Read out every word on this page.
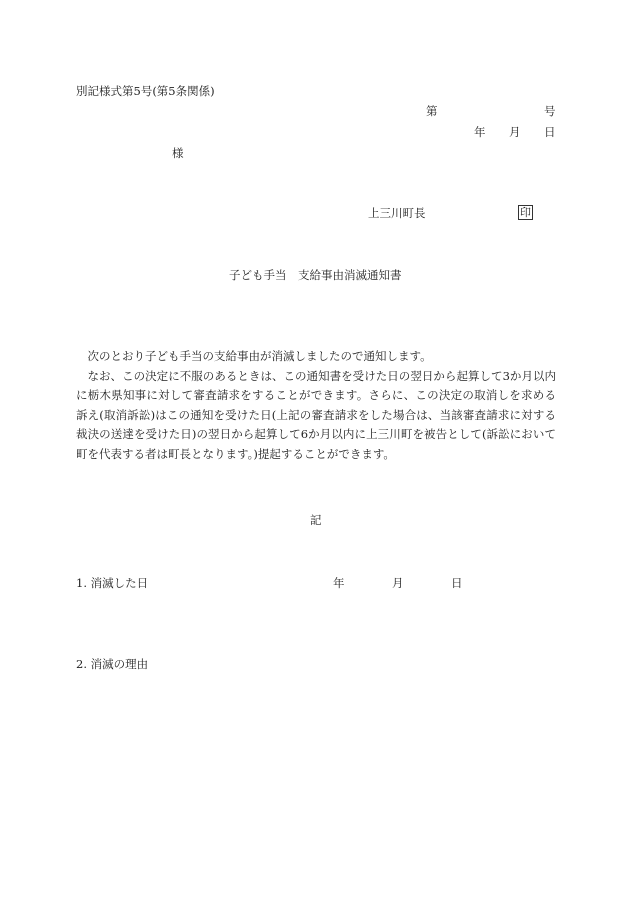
別記様式第5号(第5条関係)
第	号
年 月 日
様
上三川町長	印
子ども手当　支給事由消滅通知書

次のとおり子ども手当の支給事由が消滅しましたので通知します。

なお、この決定に不服のあるときは、この通知書を受けた日の翌日から起算して3か月以内に栃木県知事に対して審査請求をすることができます。さらに、この決定の取消しを求める訴え(取消訴訟)はこの通知を受けた日(上記の審査請求をした場合は、当該審査請求に対する裁決の送達を受けた日)の翌日から起算して6か月以内に上三川町を被告として(訴訟において町を代表する者は町長となります。)提起することができます。

記
1. 消滅した日	年	月	日
2. 消滅の理由
